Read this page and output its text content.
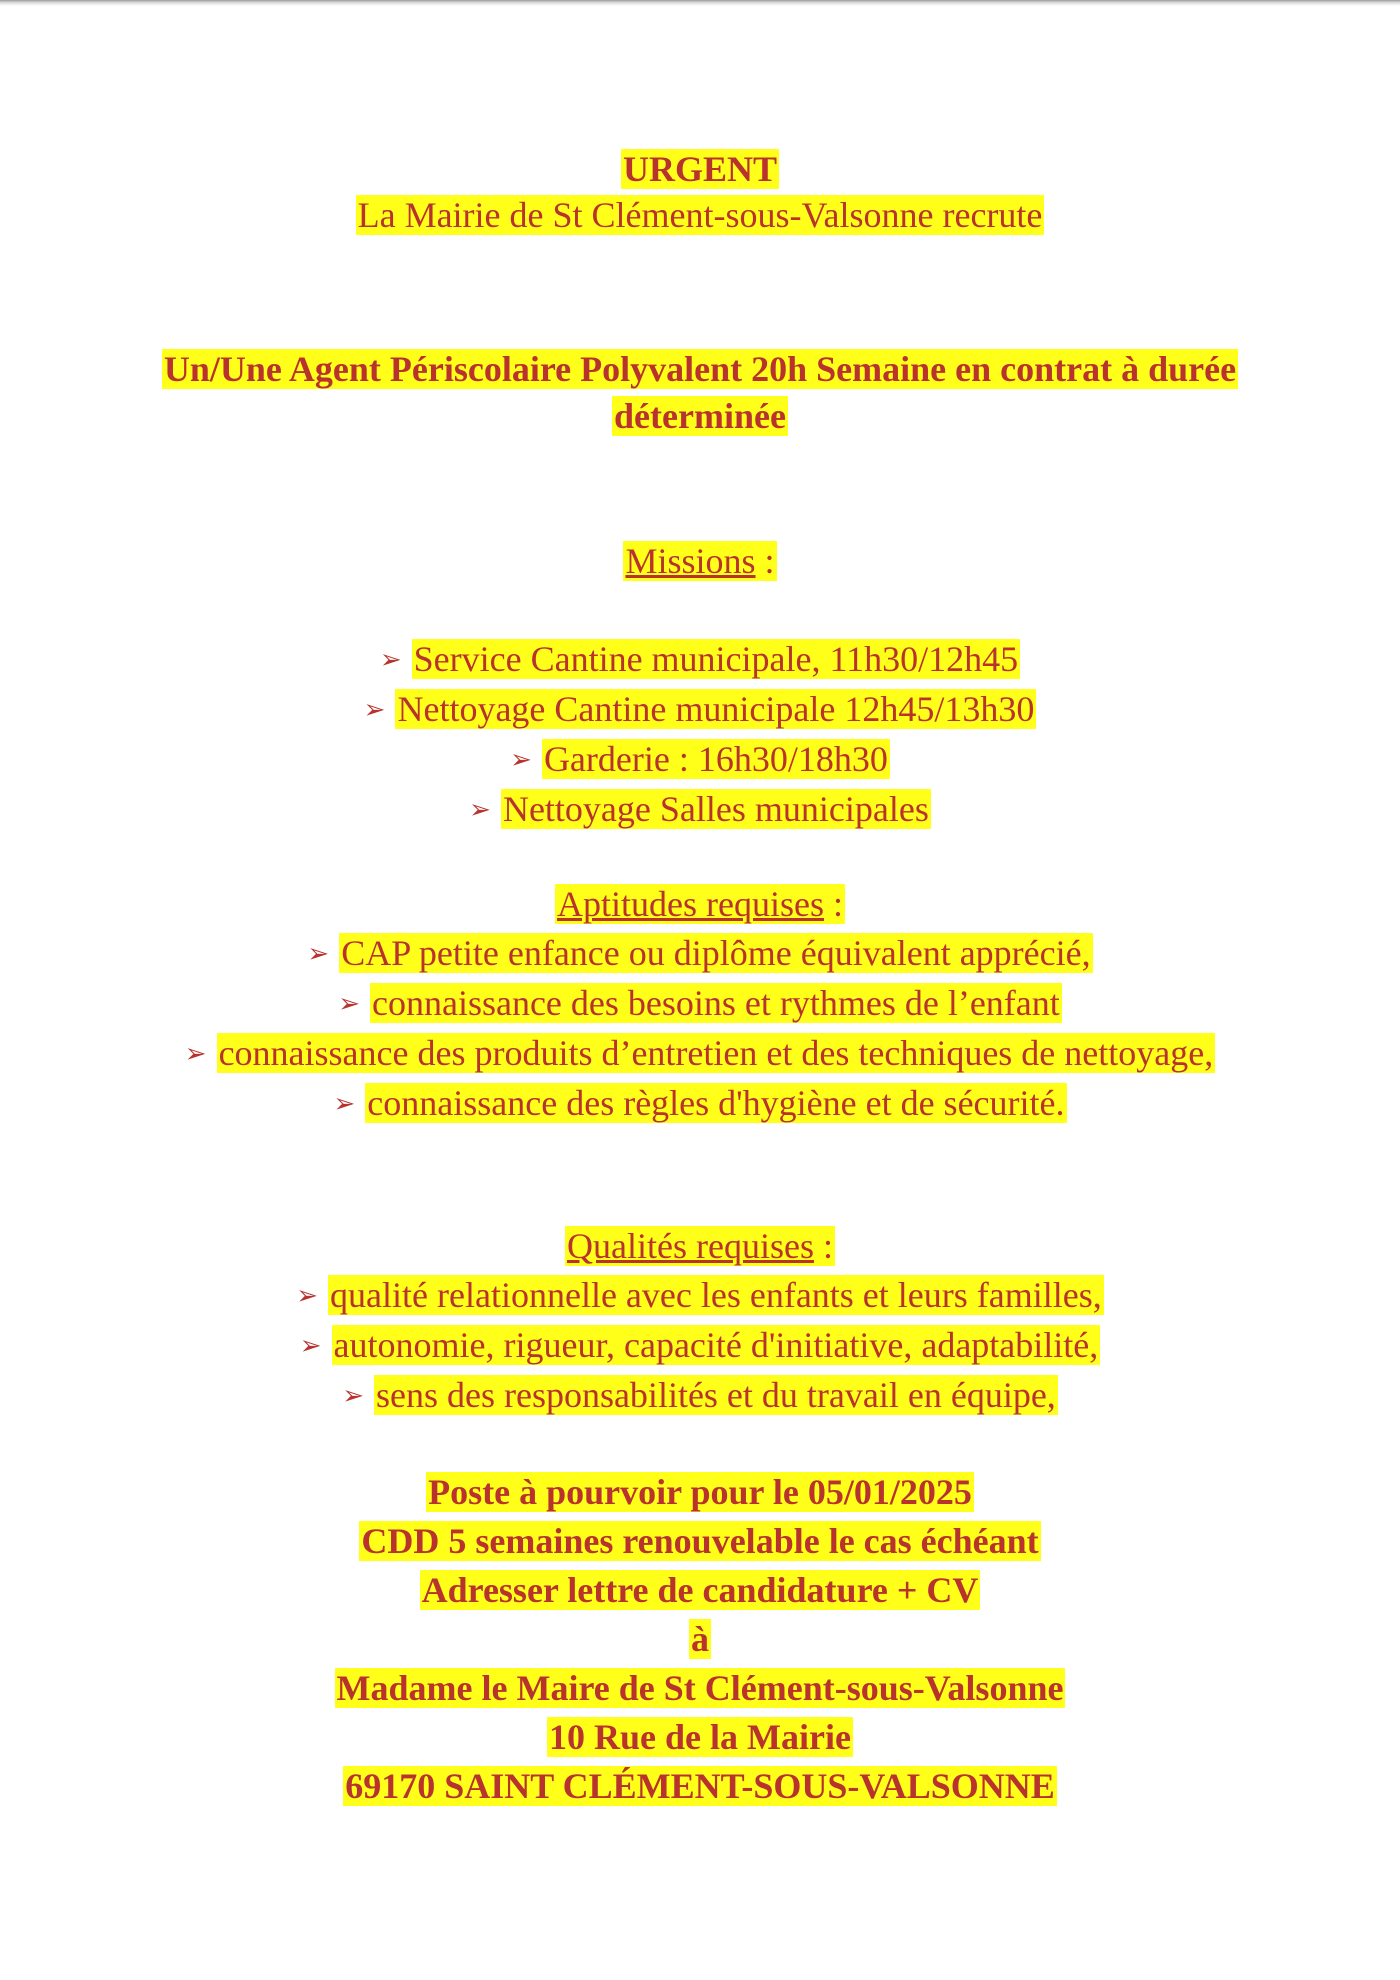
URGENT
La Mairie de St Clément-sous-Valsonne recrute
Un/Une Agent Périscolaire Polyvalent 20h Semaine en contrat à durée déterminée
Missions :
➢ Service Cantine municipale, 11h30/12h45
➢ Nettoyage Cantine municipale 12h45/13h30
➢ Garderie : 16h30/18h30
➢ Nettoyage Salles municipales
Aptitudes requises :
➢ CAP petite enfance ou diplôme équivalent apprécié,
➢ connaissance des besoins et rythmes de l’enfant
➢ connaissance des produits d’entretien et des techniques de nettoyage,
➢ connaissance des règles d'hygiène et de sécurité.
Qualités requises :
➢ qualité relationnelle avec les enfants et leurs familles,
➢ autonomie, rigueur, capacité d'initiative, adaptabilité,
➢ sens des responsabilités et du travail en équipe,
Poste à pourvoir pour le 05/01/2025
CDD 5 semaines renouvelable le cas échéant
Adresser lettre de candidature + CV
à
Madame le Maire de St Clément-sous-Valsonne
10 Rue de la Mairie
69170 SAINT CLÉMENT-SOUS-VALSONNE
